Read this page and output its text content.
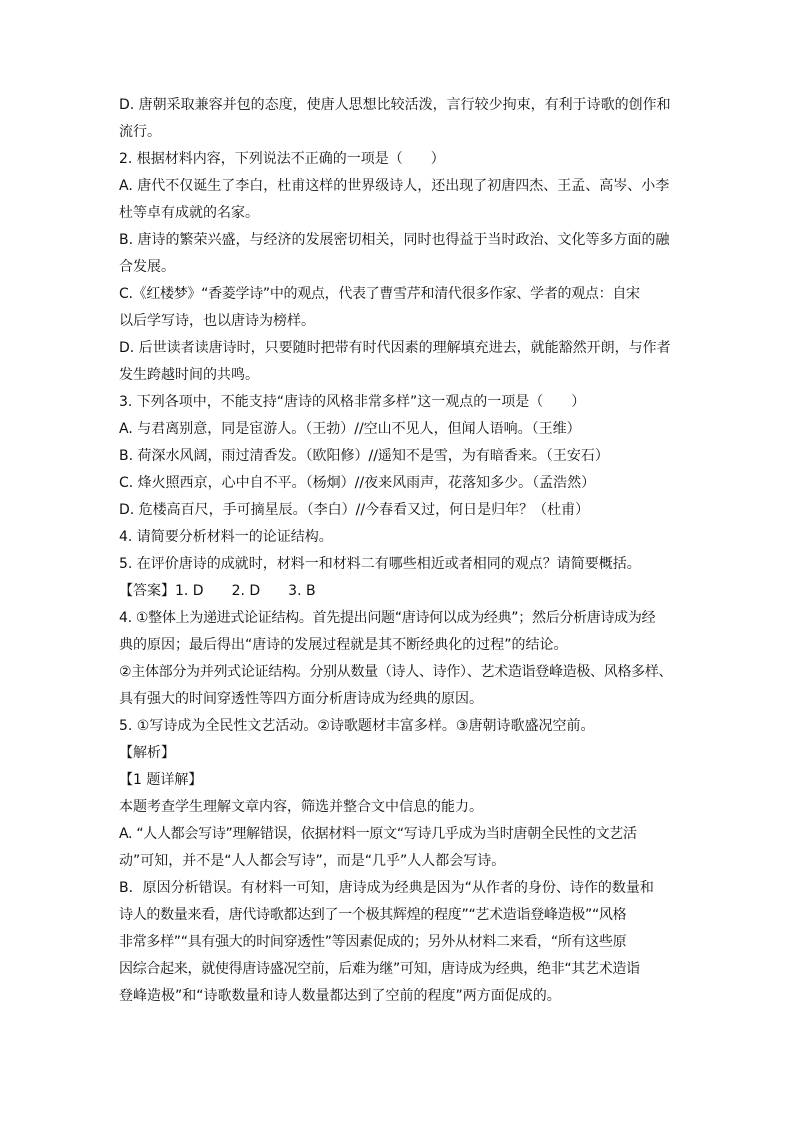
D. 唐朝采取兼容并包的态度，使唐人思想比较活泼，言行较少拘束，有利于诗歌的创作和
流行。
2. 根据材料内容，下列说法不正确的一项是（　　）
A. 唐代不仅诞生了李白，杜甫这样的世界级诗人，还出现了初唐四杰、王孟、高岑、小李
杜等卓有成就的名家。
B. 唐诗的繁荣兴盛，与经济的发展密切相关，同时也得益于当时政治、文化等多方面的融
合发展。
C.《红楼梦》“香菱学诗”中的观点，代表了曹雪芹和清代很多作家、学者的观点：自宋
以后学写诗，也以唐诗为榜样。
D. 后世读者读唐诗时，只要随时把带有时代因素的理解填充进去，就能豁然开朗，与作者
发生跨越时间的共鸣。
3. 下列各项中，不能支持“唐诗的风格非常多样”这一观点的一项是（　　）
A. 与君离别意，同是宦游人。（王勃）//空山不见人，但闻人语响。（王维）
B. 荷深水风阔，雨过清香发。（欧阳修）//遥知不是雪，为有暗香来。（王安石）
C. 烽火照西京，心中自不平。（杨炯）//夜来风雨声，花落知多少。（孟浩然）
D. 危楼高百尺，手可摘星辰。（李白）//今春看又过，何日是归年？（杜甫）
4. 请简要分析材料一的论证结构。
5. 在评价唐诗的成就时，材料一和材料二有哪些相近或者相同的观点？请简要概括。
【答案】1. D　　2. D　　3. B
4. ①整体上为递进式论证结构。首先提出问题“唐诗何以成为经典”；然后分析唐诗成为经
典的原因；最后得出“唐诗的发展过程就是其不断经典化的过程”的结论。
②主体部分为并列式论证结构。分别从数量（诗人、诗作）、艺术造诣登峰造极、风格多样、
具有强大的时间穿透性等四方面分析唐诗成为经典的原因。
5. ①写诗成为全民性文艺活动。②诗歌题材丰富多样。③唐朝诗歌盛况空前。
【解析】
【1 题详解】
本题考查学生理解文章内容，筛选并整合文中信息的能力。
A. “人人都会写诗”理解错误，依据材料一原文“写诗几乎成为当时唐朝全民性的文艺活
动”可知，并不是“人人都会写诗”，而是“几乎”人人都会写诗。
B．原因分析错误。有材料一可知，唐诗成为经典是因为“从作者的身份、诗作的数量和
诗人的数量来看，唐代诗歌都达到了一个极其辉煌的程度”“艺术造诣登峰造极”“风格
非常多样”“具有强大的时间穿透性”等因素促成的；另外从材料二来看，“所有这些原
因综合起来，就使得唐诗盛况空前，后难为继”可知，唐诗成为经典，绝非“其艺术造诣
登峰造极”和“诗歌数量和诗人数量都达到了空前的程度”两方面促成的。
